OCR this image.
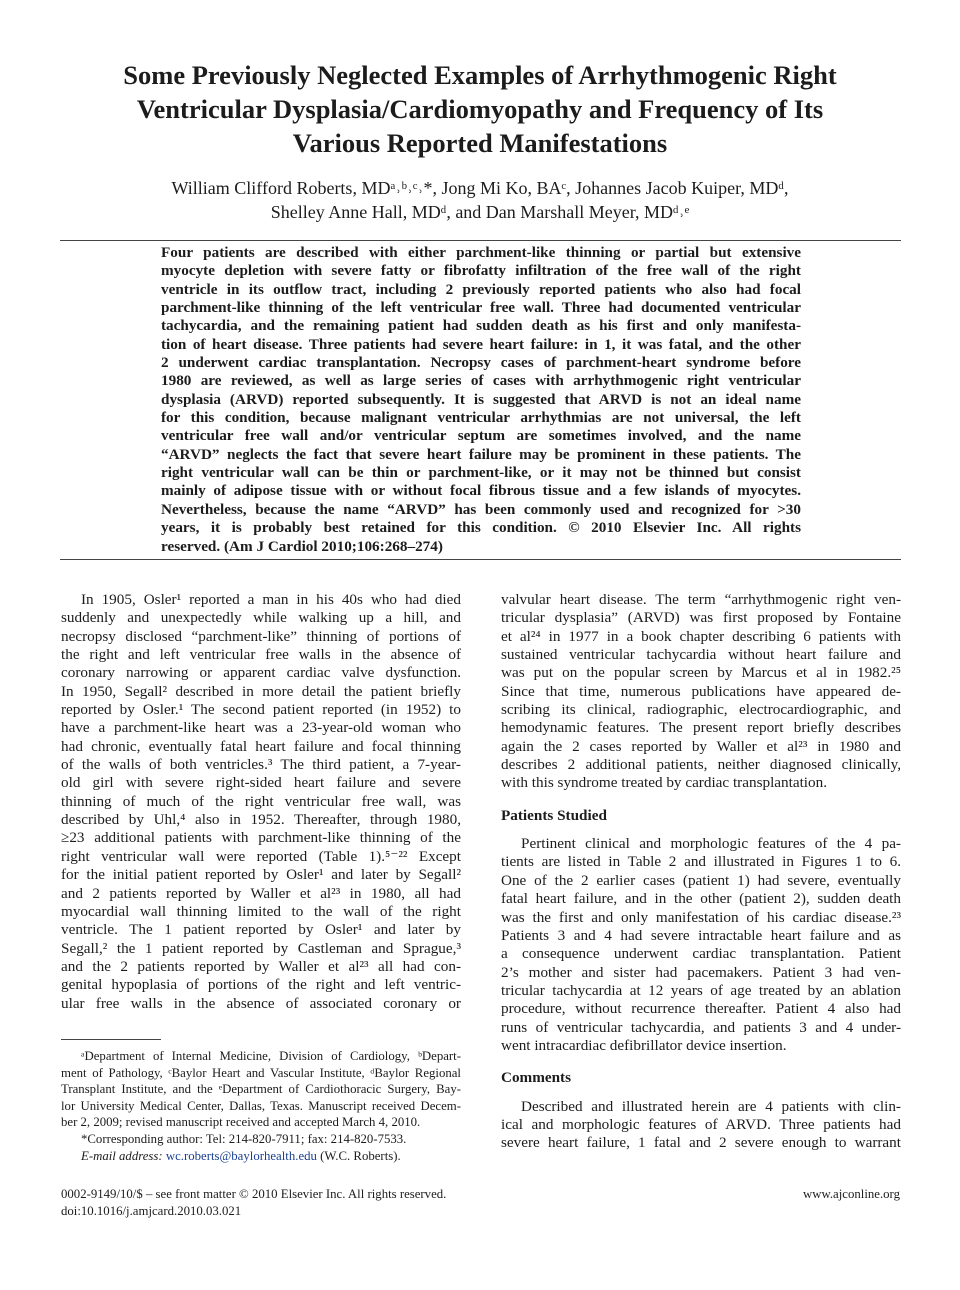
Some Previously Neglected Examples of Arrhythmogenic Right
Ventricular Dysplasia/Cardiomyopathy and Frequency of Its
Various Reported Manifestations
William Clifford Roberts, MDᵃ˒ᵇ˒ᶜ˒*, Jong Mi Ko, BAᶜ, Johannes Jacob Kuiper, MDᵈ,
Shelley Anne Hall, MDᵈ, and Dan Marshall Meyer, MDᵈ˒ᵉ
Four patients are described with either parchment-like thinning or partial but extensive
myocyte depletion with severe fatty or fibrofatty infiltration of the free wall of the right
ventricle in its outflow tract, including 2 previously reported patients who also had focal
parchment-like thinning of the left ventricular free wall. Three had documented ventricular
tachycardia, and the remaining patient had sudden death as his first and only manifesta-
tion of heart disease. Three patients had severe heart failure: in 1, it was fatal, and the other
2 underwent cardiac transplantation. Necropsy cases of parchment-heart syndrome before
1980 are reviewed, as well as large series of cases with arrhythmogenic right ventricular
dysplasia (ARVD) reported subsequently. It is suggested that ARVD is not an ideal name
for this condition, because malignant ventricular arrhythmias are not universal, the left
ventricular free wall and/or ventricular septum are sometimes involved, and the name
“ARVD” neglects the fact that severe heart failure may be prominent in these patients. The
right ventricular wall can be thin or parchment-like, or it may not be thinned but consist
mainly of adipose tissue with or without focal fibrous tissue and a few islands of myocytes.
Nevertheless, because the name “ARVD” has been commonly used and recognized for >30
years, it is probably best retained for this condition. © 2010 Elsevier Inc. All rights
reserved. (Am J Cardiol 2010;106:268–274)
In 1905, Osler¹ reported a man in his 40s who had died
suddenly and unexpectedly while walking up a hill, and
necropsy disclosed “parchment-like” thinning of portions of
the right and left ventricular free walls in the absence of
coronary narrowing or apparent cardiac valve dysfunction.
In 1950, Segall² described in more detail the patient briefly
reported by Osler.¹ The second patient reported (in 1952) to
have a parchment-like heart was a 23-year-old woman who
had chronic, eventually fatal heart failure and focal thinning
of the walls of both ventricles.³ The third patient, a 7-year-
old girl with severe right-sided heart failure and severe
thinning of much of the right ventricular free wall, was
described by Uhl,⁴ also in 1952. Thereafter, through 1980,
≥23 additional patients with parchment-like thinning of the
right ventricular wall were reported (Table 1).⁵⁻²² Except
for the initial patient reported by Osler¹ and later by Segall²
and 2 patients reported by Waller et al²³ in 1980, all had
myocardial wall thinning limited to the wall of the right
ventricle. The 1 patient reported by Osler¹ and later by
Segall,² the 1 patient reported by Castleman and Sprague,³
and the 2 patients reported by Waller et al²³ all had con-
genital hypoplasia of portions of the right and left ventric-
ular free walls in the absence of associated coronary or
valvular heart disease. The term “arrhythmogenic right ven-
tricular dysplasia” (ARVD) was first proposed by Fontaine
et al²⁴ in 1977 in a book chapter describing 6 patients with
sustained ventricular tachycardia without heart failure and
was put on the popular screen by Marcus et al in 1982.²⁵
Since that time, numerous publications have appeared de-
scribing its clinical, radiographic, electrocardiographic, and
hemodynamic features. The present report briefly describes
again the 2 cases reported by Waller et al²³ in 1980 and
describes 2 additional patients, neither diagnosed clinically,
with this syndrome treated by cardiac transplantation.
Patients Studied
Pertinent clinical and morphologic features of the 4 pa-
tients are listed in Table 2 and illustrated in Figures 1 to 6.
One of the 2 earlier cases (patient 1) had severe, eventually
fatal heart failure, and in the other (patient 2), sudden death
was the first and only manifestation of his cardiac disease.²³
Patients 3 and 4 had severe intractable heart failure and as
a consequence underwent cardiac transplantation. Patient
2’s mother and sister had pacemakers. Patient 3 had ven-
tricular tachycardia at 12 years of age treated by an ablation
procedure, without recurrence thereafter. Patient 4 also had
runs of ventricular tachycardia, and patients 3 and 4 under-
went intracardiac defibrillator device insertion.
Comments
Described and illustrated herein are 4 patients with clin-
ical and morphologic features of ARVD. Three patients had
severe heart failure, 1 fatal and 2 severe enough to warrant
ᵃDepartment of Internal Medicine, Division of Cardiology, ᵇDepart-
ment of Pathology, ᶜBaylor Heart and Vascular Institute, ᵈBaylor Regional
Transplant Institute, and the ᵉDepartment of Cardiothoracic Surgery, Bay-
lor University Medical Center, Dallas, Texas. Manuscript received Decem-
ber 2, 2009; revised manuscript received and accepted March 4, 2010.
*Corresponding author: Tel: 214-820-7911; fax: 214-820-7533.
E-mail address: wc.roberts@baylorhealth.edu (W.C. Roberts).
0002-9149/10/$ – see front matter © 2010 Elsevier Inc. All rights reserved.
doi:10.1016/j.amjcard.2010.03.021
www.ajconline.org
